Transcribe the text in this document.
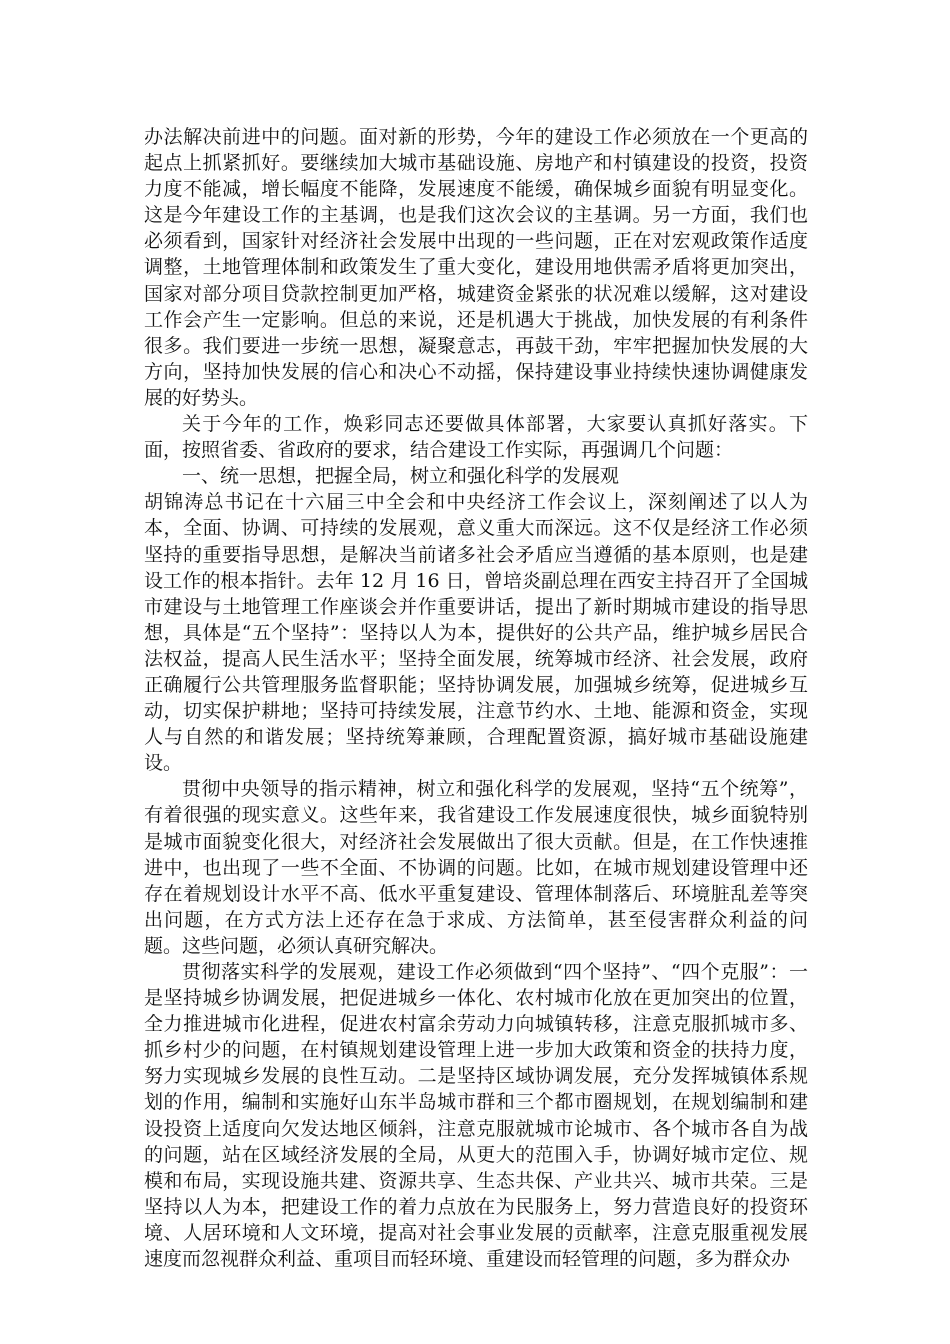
办法解决前进中的问题。面对新的形势，今年的建设工作必须放在一个更高的起点上抓紧抓好。要继续加大城市基础设施、房地产和村镇建设的投资，投资力度不能减，增长幅度不能降，发展速度不能缓，确保城乡面貌有明显变化。这是今年建设工作的主基调，也是我们这次会议的主基调。另一方面，我们也必须看到，国家针对经济社会发展中出现的一些问题，正在对宏观政策作适度调整，土地管理体制和政策发生了重大变化，建设用地供需矛盾将更加突出，国家对部分项目贷款控制更加严格，城建资金紧张的状况难以缓解，这对建设工作会产生一定影响。但总的来说，还是机遇大于挑战，加快发展的有利条件很多。我们要进一步统一思想，凝聚意志，再鼓干劲，牢牢把握加快发展的大方向，坚持加快发展的信心和决心不动摇，保持建设事业持续快速协调健康发展的好势头。

关于今年的工作，焕彩同志还要做具体部署，大家要认真抓好落实。下面，按照省委、省政府的要求，结合建设工作实际，再强调几个问题：

一、统一思想，把握全局，树立和强化科学的发展观

胡锦涛总书记在十六届三中全会和中央经济工作会议上，深刻阐述了以人为本，全面、协调、可持续的发展观，意义重大而深远。这不仅是经济工作必须坚持的重要指导思想，是解决当前诸多社会矛盾应当遵循的基本原则，也是建设工作的根本指针。去年 12 月 16 日，曾培炎副总理在西安主持召开了全国城市建设与土地管理工作座谈会并作重要讲话，提出了新时期城市建设的指导思想，具体是“五个坚持”：坚持以人为本，提供好的公共产品，维护城乡居民合法权益，提高人民生活水平；坚持全面发展，统筹城市经济、社会发展，政府正确履行公共管理服务监督职能；坚持协调发展，加强城乡统筹，促进城乡互动，切实保护耕地；坚持可持续发展，注意节约水、土地、能源和资金，实现人与自然的和谐发展；坚持统筹兼顾，合理配置资源，搞好城市基础设施建设。

贯彻中央领导的指示精神，树立和强化科学的发展观，坚持“五个统筹”，有着很强的现实意义。这些年来，我省建设工作发展速度很快，城乡面貌特别是城市面貌变化很大，对经济社会发展做出了很大贡献。但是，在工作快速推进中，也出现了一些不全面、不协调的问题。比如，在城市规划建设管理中还存在着规划设计水平不高、低水平重复建设、管理体制落后、环境脏乱差等突出问题，在方式方法上还存在急于求成、方法简单，甚至侵害群众利益的问题。这些问题，必须认真研究解决。

贯彻落实科学的发展观，建设工作必须做到“四个坚持”、“四个克服”：一是坚持城乡协调发展，把促进城乡一体化、农村城市化放在更加突出的位置，全力推进城市化进程，促进农村富余劳动力向城镇转移，注意克服抓城市多、抓乡村少的问题，在村镇规划建设管理上进一步加大政策和资金的扶持力度，努力实现城乡发展的良性互动。二是坚持区域协调发展，充分发挥城镇体系规划的作用，编制和实施好山东半岛城市群和三个都市圈规划，在规划编制和建设投资上适度向欠发达地区倾斜，注意克服就城市论城市、各个城市各自为战的问题，站在区域经济发展的全局，从更大的范围入手，协调好城市定位、规模和布局，实现设施共建、资源共享、生态共保、产业共兴、城市共荣。三是坚持以人为本，把建设工作的着力点放在为民服务上，努力营造良好的投资环境、人居环境和人文环境，提高对社会事业发展的贡献率，注意克服重视发展速度而忽视群众利益、重项目而轻环境、重建设而轻管理的问题，多为群众办
